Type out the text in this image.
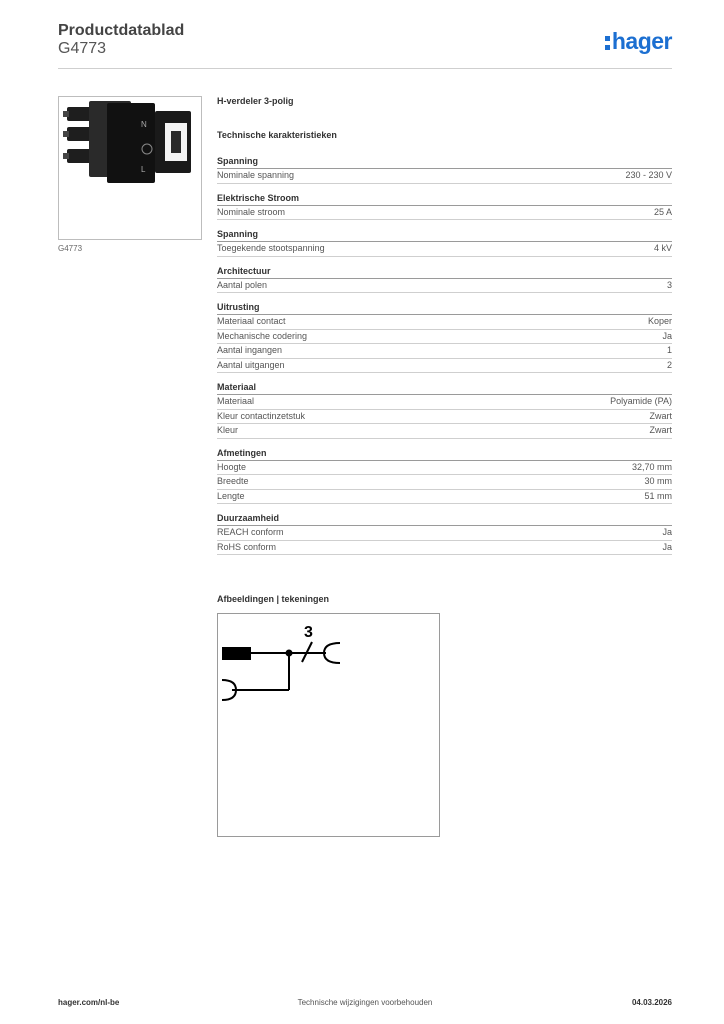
Productdatablad
G4773	hager
N
L
G4773
H-verdeler 3-polig
Technische karakteristieken
Spanning
Nominale spanning	230 - 230 V
Elektrische Stroom
Nominale stroom	25 A
Spanning
Toegekende stootspanning	4 kV
Architectuur
Aantal polen	3
Uitrusting
Materiaal contact	Koper
Mechanische codering	Ja
Aantal ingangen	1
Aantal uitgangen	2
Materiaal
Materiaal	Polyamide (PA)
Kleur contactinzetstuk	Zwart
Kleur	Zwart
Afmetingen
Hoogte	32,70 mm
Breedte	30 mm
Lengte	51 mm
Duurzaamheid
REACH conform	Ja
RoHS conform	Ja
Afbeeldingen | tekeningen
3
hager.com/nl-be	Technische wijzigingen voorbehouden	04.03.2026
